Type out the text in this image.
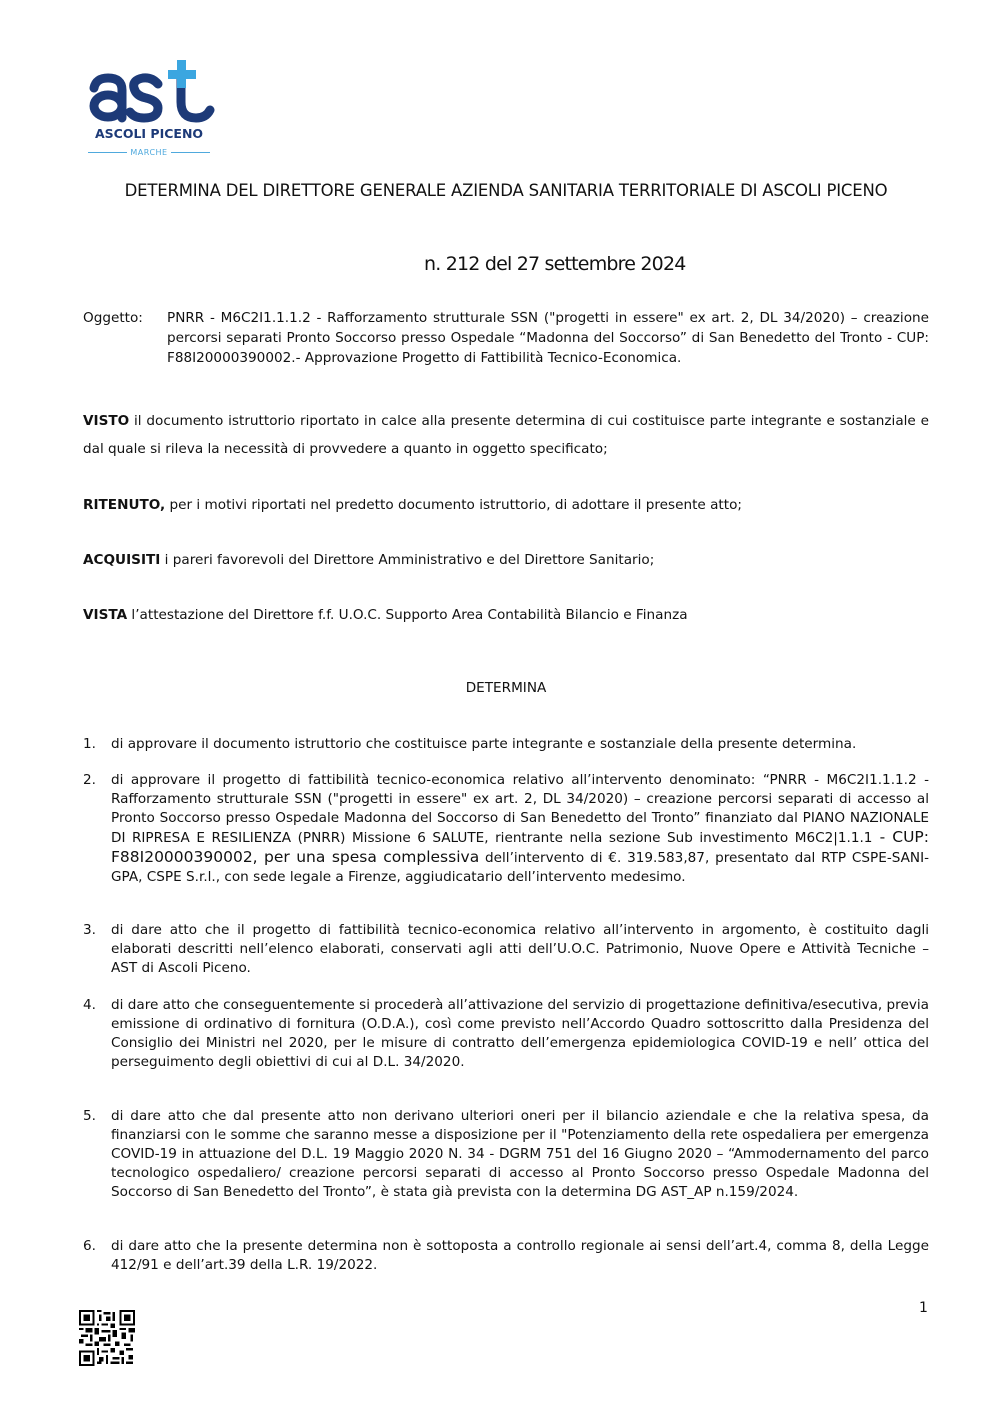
ASCOLI PICENO
MARCHE
DETERMINA DEL DIRETTORE GENERALE AZIENDA SANITARIA TERRITORIALE DI ASCOLI PICENO
n. 212 del 27 settembre 2024
Oggetto: PNRR - M6C2I1.1.1.2 - Rafforzamento strutturale SSN ("progetti in essere" ex art. 2, DL 34/2020) – creazione percorsi separati Pronto Soccorso presso Ospedale “Madonna del Soccorso” di San Benedetto del Tronto - CUP: F88I20000390002.- Approvazione Progetto di Fattibilità Tecnico-Economica.
VISTO il documento istruttorio riportato in calce alla presente determina di cui costituisce parte integrante e sostanziale e dal quale si rileva la necessità di provvedere a quanto in oggetto specificato;
RITENUTO, per i motivi riportati nel predetto documento istruttorio, di adottare il presente atto;
ACQUISITI i pareri favorevoli del Direttore Amministrativo e del Direttore Sanitario;
VISTA l’attestazione del Direttore f.f. U.O.C. Supporto Area Contabilità Bilancio e Finanza
DETERMINA
1.	di approvare il documento istruttorio che costituisce parte integrante e sostanziale della presente determina.
2.	di approvare il progetto di fattibilità tecnico-economica relativo all’intervento denominato: “PNRR - M6C2I1.1.1.2 - Rafforzamento strutturale SSN ("progetti in essere" ex art. 2, DL 34/2020) – creazione percorsi separati di accesso al Pronto Soccorso presso Ospedale Madonna del Soccorso di San Benedetto del Tronto” finanziato dal PIANO NAZIONALE DI RIPRESA E RESILIENZA (PNRR) Missione 6 SALUTE, rientrante nella sezione Sub investimento M6C2|1.1.1 - CUP: F88I20000390002, per una spesa complessiva dell’intervento di €. 319.583,87, presentato dal RTP CSPE-SANI-GPA, CSPE S.r.l., con sede legale a Firenze, aggiudicatario dell’intervento medesimo.
3.	di dare atto che il progetto di fattibilità tecnico-economica relativo all’intervento in argomento, è costituito dagli elaborati descritti nell’elenco elaborati, conservati agli atti dell’U.O.C. Patrimonio, Nuove Opere e Attività Tecniche – AST di Ascoli Piceno.
4.	di dare atto che conseguentemente si procederà all’attivazione del servizio di progettazione definitiva/esecutiva, previa emissione di ordinativo di fornitura (O.D.A.), così come previsto nell’Accordo Quadro sottoscritto dalla Presidenza del Consiglio dei Ministri nel 2020, per le misure di contratto dell’emergenza epidemiologica COVID-19 e nell’ ottica del perseguimento degli obiettivi di cui al D.L. 34/2020.
5.	di dare atto che dal presente atto non derivano ulteriori oneri per il bilancio aziendale e che la relativa spesa, da finanziarsi con le somme che saranno messe a disposizione per il "Potenziamento della rete ospedaliera per emergenza COVID-19 in attuazione del D.L. 19 Maggio 2020 N. 34 - DGRM 751 del 16 Giugno 2020 – “Ammodernamento del parco tecnologico ospedaliero/ creazione percorsi separati di accesso al Pronto Soccorso presso Ospedale Madonna del Soccorso di San Benedetto del Tronto”, è stata già prevista con la determina DG AST_AP n.159/2024.
6.	di dare atto che la presente determina non è sottoposta a controllo regionale ai sensi dell’art.4, comma 8, della Legge 412/91 e dell’art.39 della L.R. 19/2022.
1
